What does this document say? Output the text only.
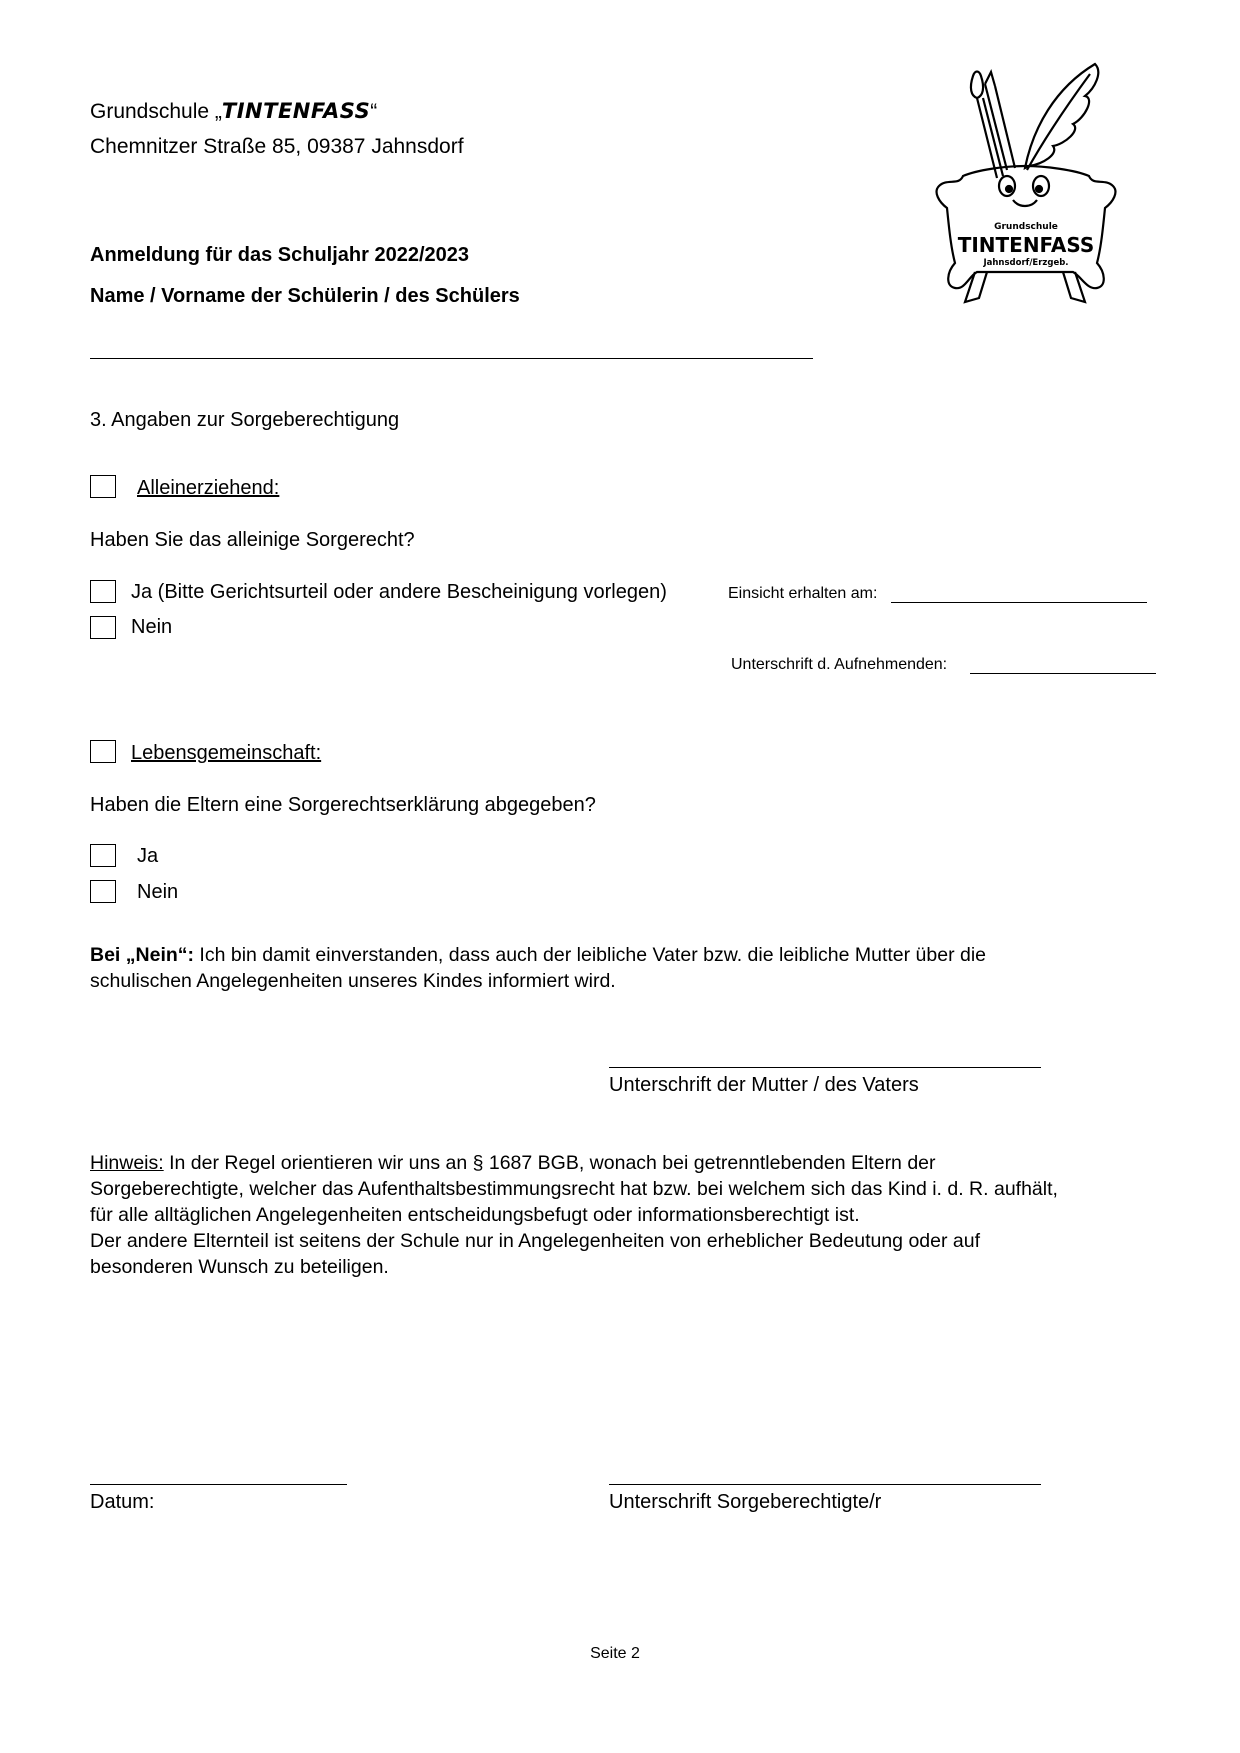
Grundschule „TINTENFASS“
Chemnitzer Straße 85, 09387 Jahnsdorf
Grundschule
TINTENFASS
Jahnsdorf/Erzgeb.
Anmeldung für das Schuljahr 2022/2023
Name / Vorname der Schülerin / des Schülers
3. Angaben zur Sorgeberechtigung
Alleinerziehend:
Haben Sie das alleinige Sorgerecht?
Ja (Bitte Gerichtsurteil oder andere Bescheinigung vorlegen)
Nein
Einsicht erhalten am:
Unterschrift d. Aufnehmenden:
Lebensgemeinschaft:
Haben die Eltern eine Sorgerechtserklärung abgegeben?
Ja
Nein
Bei „Nein“: Ich bin damit einverstanden, dass auch der leibliche Vater bzw. die leibliche Mutter über die
schulischen Angelegenheiten unseres Kindes informiert wird.
Unterschrift der Mutter / des Vaters
Hinweis: In der Regel orientieren wir uns an § 1687 BGB, wonach bei getrenntlebenden Eltern der
Sorgeberechtigte, welcher das Aufenthaltsbestimmungsrecht hat bzw. bei welchem sich das Kind i. d. R. aufhält,
für alle alltäglichen Angelegenheiten entscheidungsbefugt oder informationsberechtigt ist.
Der andere Elternteil ist seitens der Schule nur in Angelegenheiten von erheblicher Bedeutung oder auf
besonderen Wunsch zu beteiligen.
Datum:	Unterschrift Sorgeberechtigte/r
Seite 2
